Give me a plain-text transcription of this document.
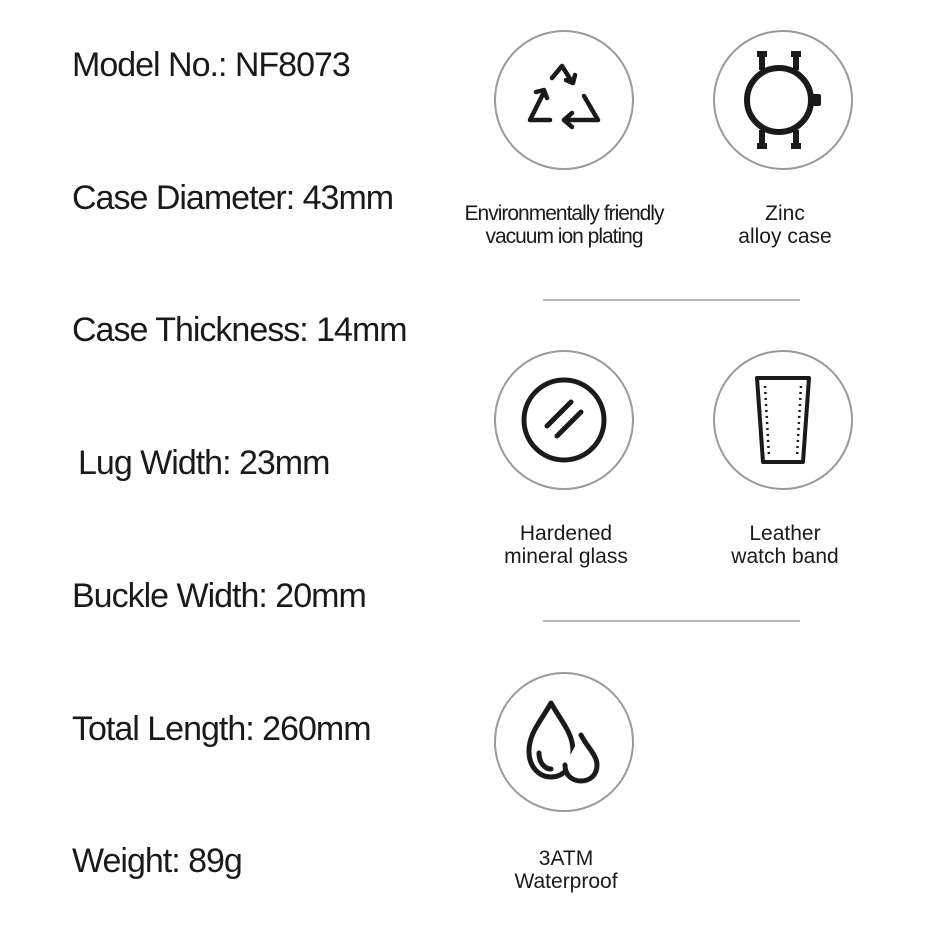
Model No.: NF8073
Case Diameter: 43mm
Case Thickness: 14mm
Lug Width: 23mm
Buckle Width: 20mm
Total Length: 260mm
Weight: 89g
Environmentally friendly
vacuum ion plating
Zinc
alloy case
Hardened
mineral glass
Leather
watch band
3ATM
Waterproof
